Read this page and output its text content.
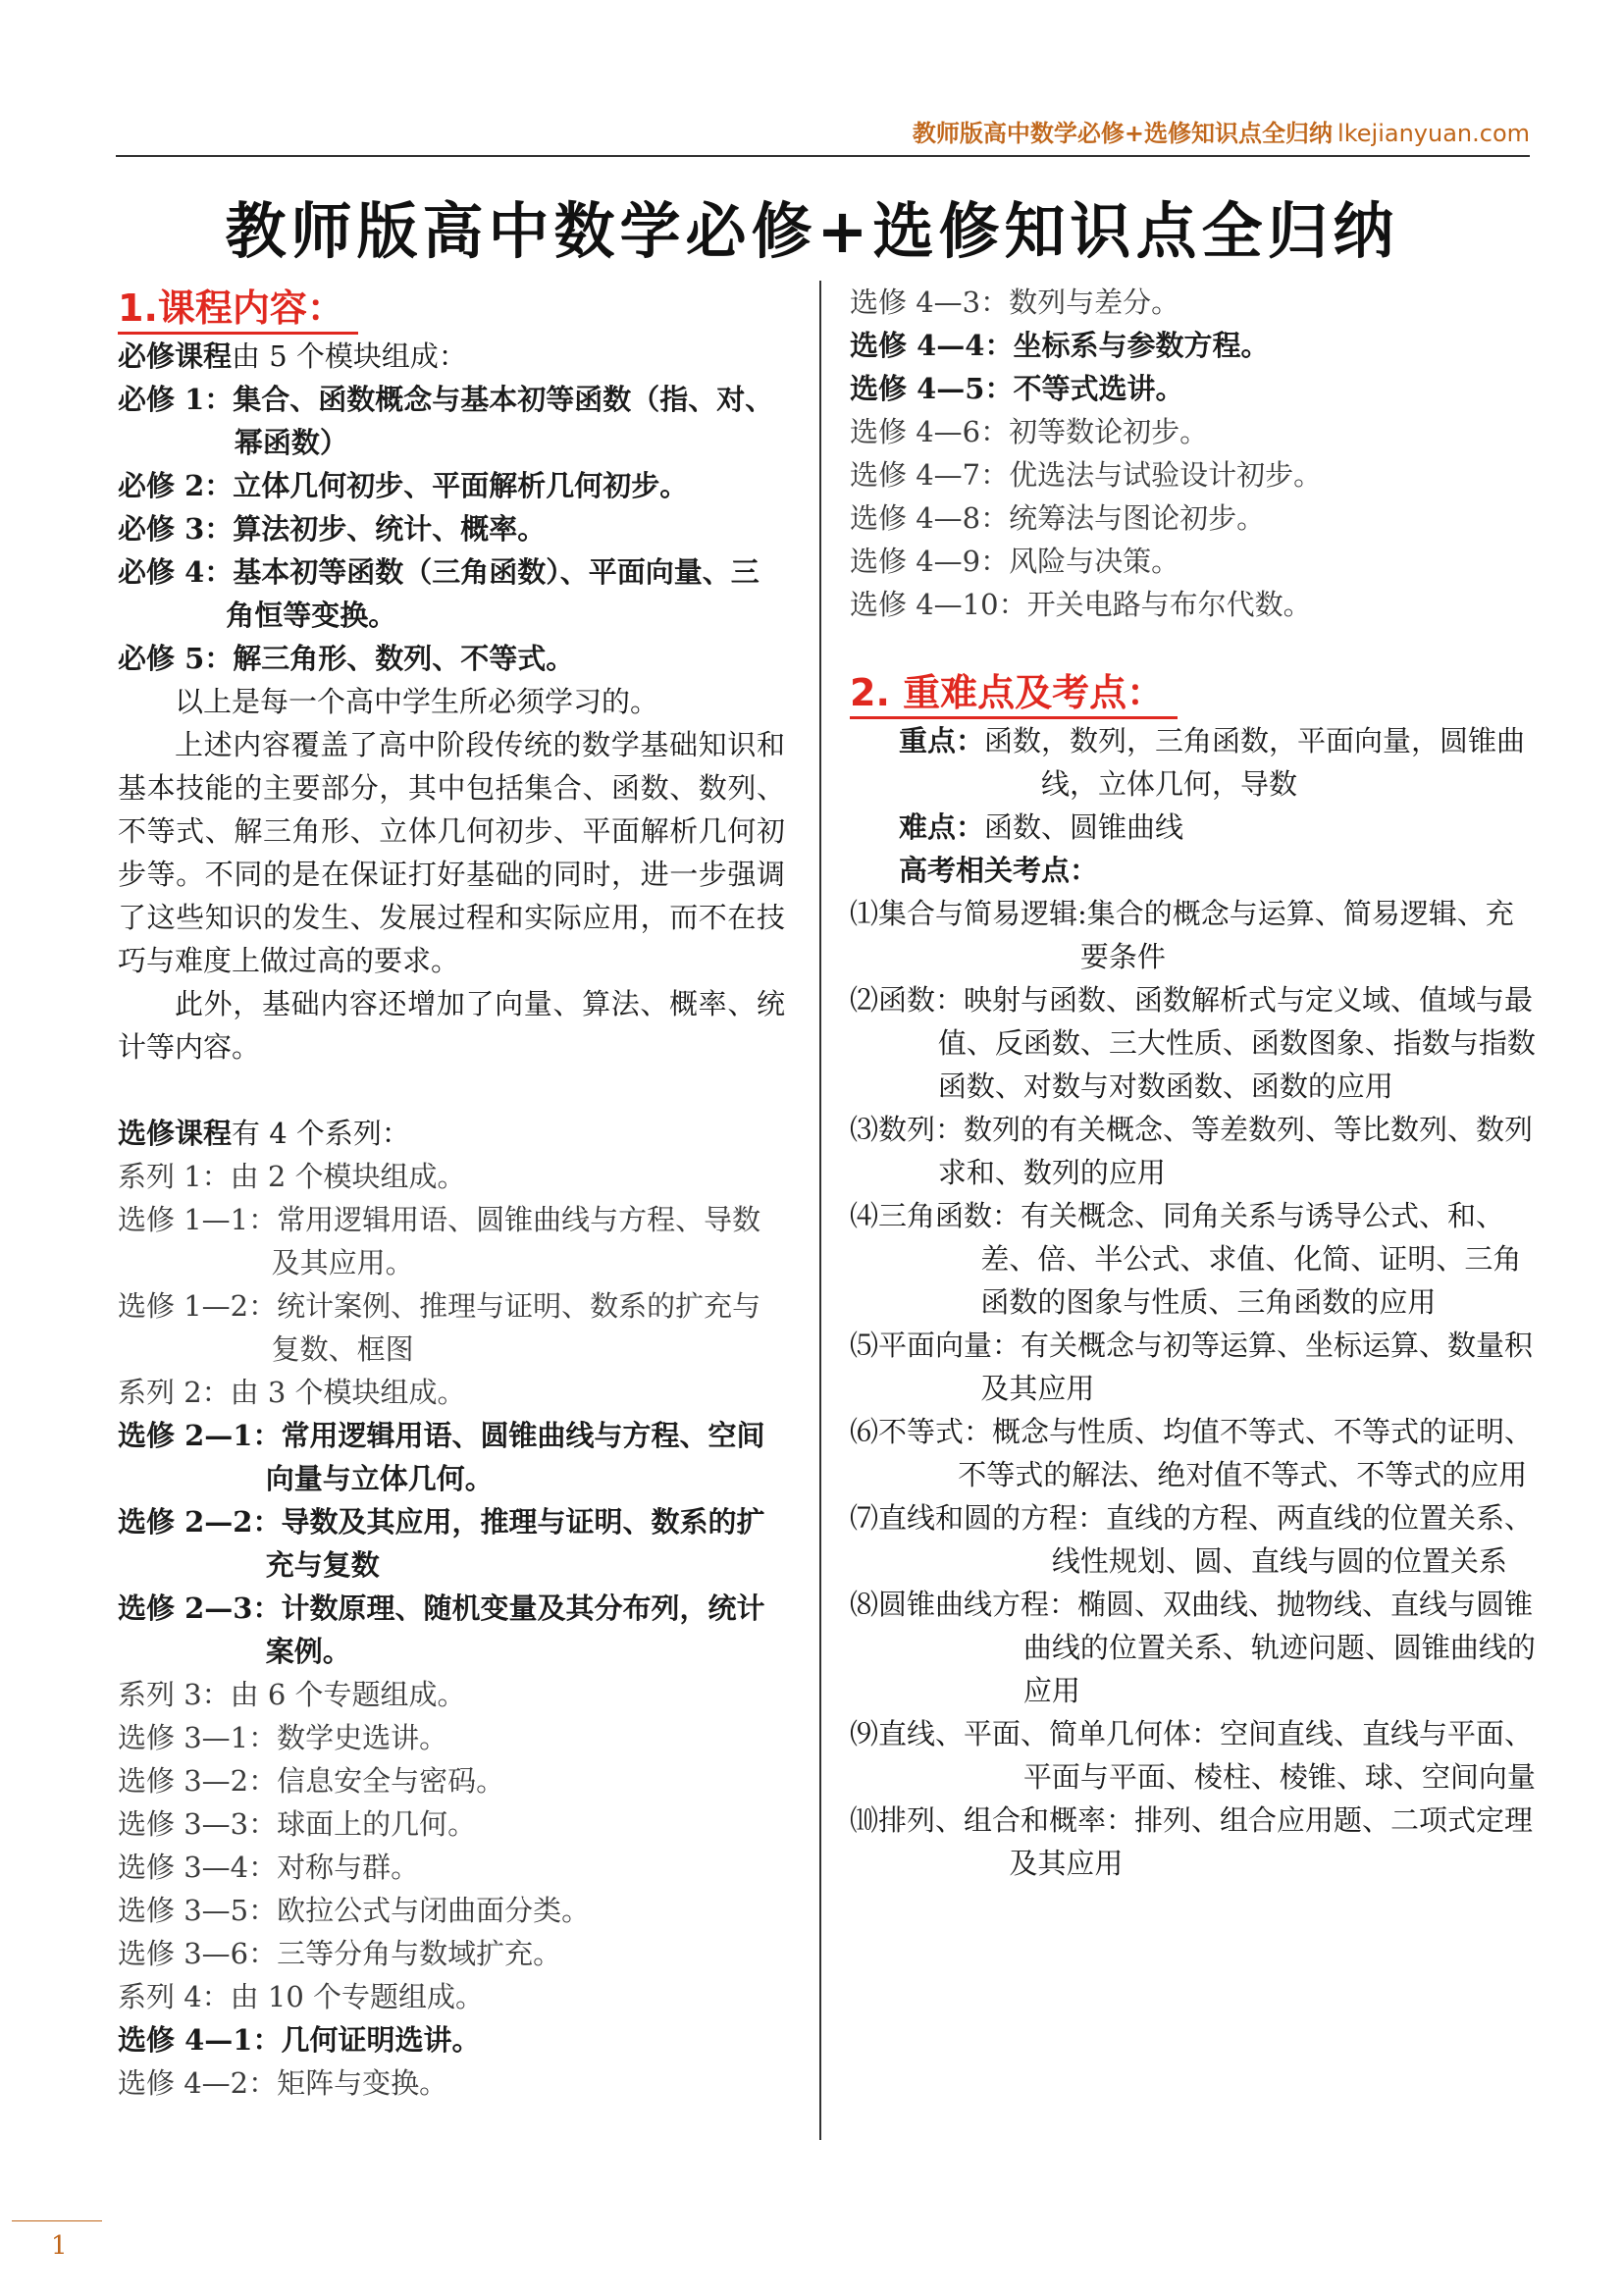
教师版高中数学必修+选修知识点全归纳 lkejianyuan.com
教师版高中数学必修+选修知识点全归纳
1.课程内容：
必修课程由 5 个模块组成：
必修 1：集合、函数概念与基本初等函数（指、对、幂函数）
必修 2：立体几何初步、平面解析几何初步。
必修 3：算法初步、统计、概率。
必修 4：基本初等函数（三角函数）、平面向量、三角恒等变换。
必修 5：解三角形、数列、不等式。
以上是每一个高中学生所必须学习的。
上述内容覆盖了高中阶段传统的数学基础知识和基本技能的主要部分，其中包括集合、函数、数列、不等式、解三角形、立体几何初步、平面解析几何初步等。不同的是在保证打好基础的同时，进一步强调了这些知识的发生、发展过程和实际应用，而不在技巧与难度上做过高的要求。
此外，基础内容还增加了向量、算法、概率、统计等内容。
选修课程有 4 个系列：
系列 1：由 2 个模块组成。
选修 1—1：常用逻辑用语、圆锥曲线与方程、导数及其应用。
选修 1—2：统计案例、推理与证明、数系的扩充与复数、框图
系列 2：由 3 个模块组成。
选修 2—1：常用逻辑用语、圆锥曲线与方程、空间向量与立体几何。
选修 2—2：导数及其应用，推理与证明、数系的扩充与复数
选修 2—3：计数原理、随机变量及其分布列，统计案例。
系列 3：由 6 个专题组成。
选修 3—1：数学史选讲。
选修 3—2：信息安全与密码。
选修 3—3：球面上的几何。
选修 3—4：对称与群。
选修 3—5：欧拉公式与闭曲面分类。
选修 3—6：三等分角与数域扩充。
系列 4：由 10 个专题组成。
选修 4—1：几何证明选讲。
选修 4—2：矩阵与变换。
选修 4—3：数列与差分。
选修 4—4：坐标系与参数方程。
选修 4—5：不等式选讲。
选修 4—6：初等数论初步。
选修 4—7：优选法与试验设计初步。
选修 4—8：统筹法与图论初步。
选修 4—9：风险与决策。
选修 4—10：开关电路与布尔代数。
2. 重难点及考点：
重点：函数，数列，三角函数，平面向量，圆锥曲线，立体几何，导数
难点：函数、圆锥曲线
高考相关考点：
⑴集合与简易逻辑:集合的概念与运算、简易逻辑、充要条件
⑵函数：映射与函数、函数解析式与定义域、值域与最值、反函数、三大性质、函数图象、指数与指数函数、对数与对数函数、函数的应用
⑶数列：数列的有关概念、等差数列、等比数列、数列求和、数列的应用
⑷三角函数：有关概念、同角关系与诱导公式、和、差、倍、半公式、求值、化简、证明、三角函数的图象与性质、三角函数的应用
⑸平面向量：有关概念与初等运算、坐标运算、数量积及其应用
⑹不等式：概念与性质、均值不等式、不等式的证明、不等式的解法、绝对值不等式、不等式的应用
⑺直线和圆的方程：直线的方程、两直线的位置关系、线性规划、圆、直线与圆的位置关系
⑻圆锥曲线方程：椭圆、双曲线、抛物线、直线与圆锥曲线的位置关系、轨迹问题、圆锥曲线的应用
⑼直线、平面、简单几何体：空间直线、直线与平面、平面与平面、棱柱、棱锥、球、空间向量
⑽排列、组合和概率：排列、组合应用题、二项式定理及其应用
1
